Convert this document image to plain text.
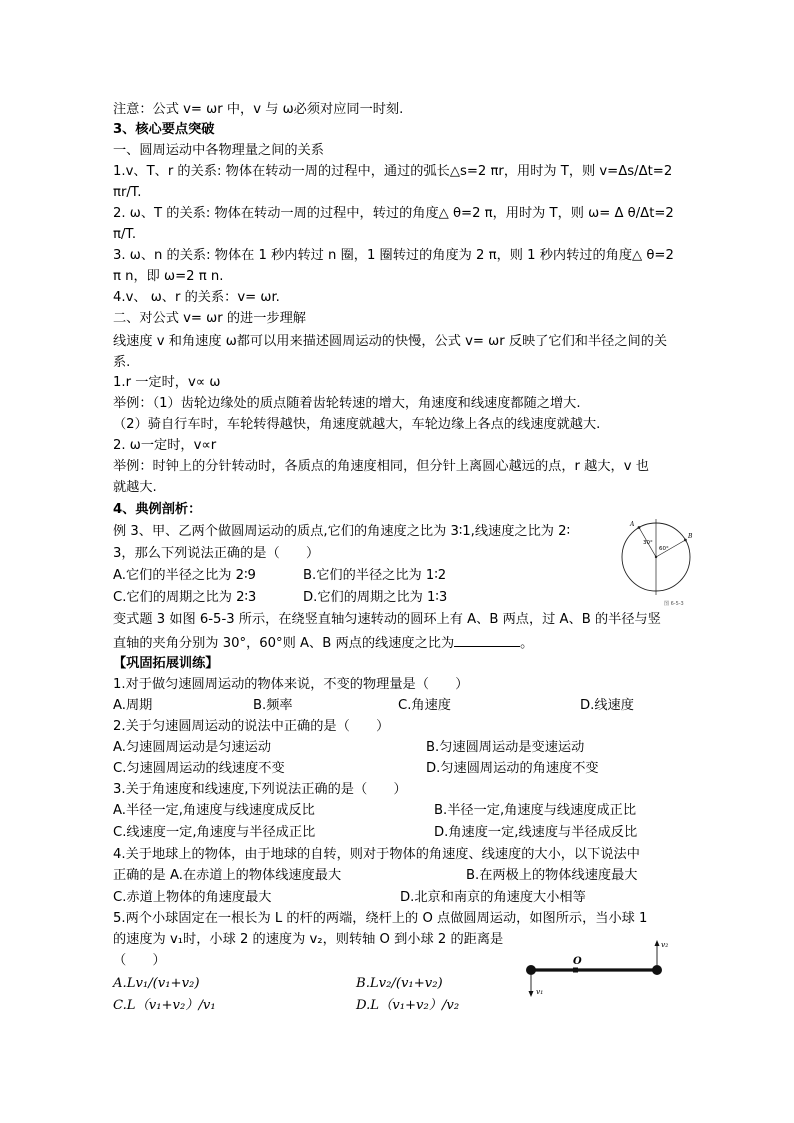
注意：公式 v= ωr 中，v 与 ω必须对应同一时刻.
3、核心要点突破
一、圆周运动中各物理量之间的关系
1.v、T、r 的关系: 物体在转动一周的过程中，通过的弧长△s=2 πr，用时为 T，则 v=Δs/Δt=2
πr/T.
2. ω、T 的关系: 物体在转动一周的过程中，转过的角度△ θ=2 π，用时为 T，则 ω= Δ θ/Δt=2
π/T.
3. ω、n 的关系: 物体在 1 秒内转过 n 圈，1 圈转过的角度为 2 π，则 1 秒内转过的角度△ θ=2
π n，即 ω=2 π n.
4.v、 ω、r 的关系：v= ωr.
二、对公式 v= ωr 的进一步理解
线速度 v 和角速度 ω都可以用来描述圆周运动的快慢，公式 v= ωr 反映了它们和半径之间的关系.
1.r 一定时，v∝ ω
举例：（1）齿轮边缘处的质点随着齿轮转速的增大，角速度和线速度都随之增大.
（2）骑自行车时，车轮转得越快，角速度就越大，车轮边缘上各点的线速度就越大.
2. ω一定时，v∝r
举例：时钟上的分针转动时，各质点的角速度相同，但分针上离圆心越远的点，r 越大，v 也
就越大.
4、典例剖析：
例 3、甲、乙两个做圆周运动的质点,它们的角速度之比为 3∶1,线速度之比为 2∶
3，那么下列说法正确的是（　　）
A.它们的半径之比为 2∶9	B.它们的半径之比为 1∶2
C.它们的周期之比为 2∶3	D.它们的周期之比为 1∶3
变式题 3 如图 6-5-3 所示，在绕竖直轴匀速转动的圆环上有 A、B 两点，过 A、B 的半径与竖
直轴的夹角分别为 30°，60°则 A、B 两点的线速度之比为	。
A
B
30°
60°
图 6-5-3
【巩固拓展训练】
1.对于做匀速圆周运动的物体来说，不变的物理量是（　　）
A.周期	B.频率	C.角速度	D.线速度
2.关于匀速圆周运动的说法中正确的是（　　）
A.匀速圆周运动是匀速运动	B.匀速圆周运动是变速运动
C.匀速圆周运动的线速度不变	D.匀速圆周运动的角速度不变
3.关于角速度和线速度,下列说法正确的是（　　）
A.半径一定,角速度与线速度成反比	B.半径一定,角速度与线速度成正比
C.线速度一定,角速度与半径成正比	D.角速度一定,线速度与半径成反比
4.关于地球上的物体，由于地球的自转，则对于物体的角速度、线速度的大小，以下说法中
正确的是 A.在赤道上的物体线速度最大	B.在两极上的物体线速度最大
C.赤道上物体的角速度最大	D.北京和南京的角速度大小相等
5.两个小球固定在一根长为 L 的杆的两端，绕杆上的 O 点做圆周运动，如图所示，当小球 1
的速度为 v₁时，小球 2 的速度为 v₂，则转轴 O 到小球 2 的距离是
（　　）
A.Lv₁/(v₁+v₂)	B.Lv₂/(v₁+v₂)
C.L（v₁+v₂）/v₁	D.L（v₁+v₂）/v₂
O
v₁
v₂
